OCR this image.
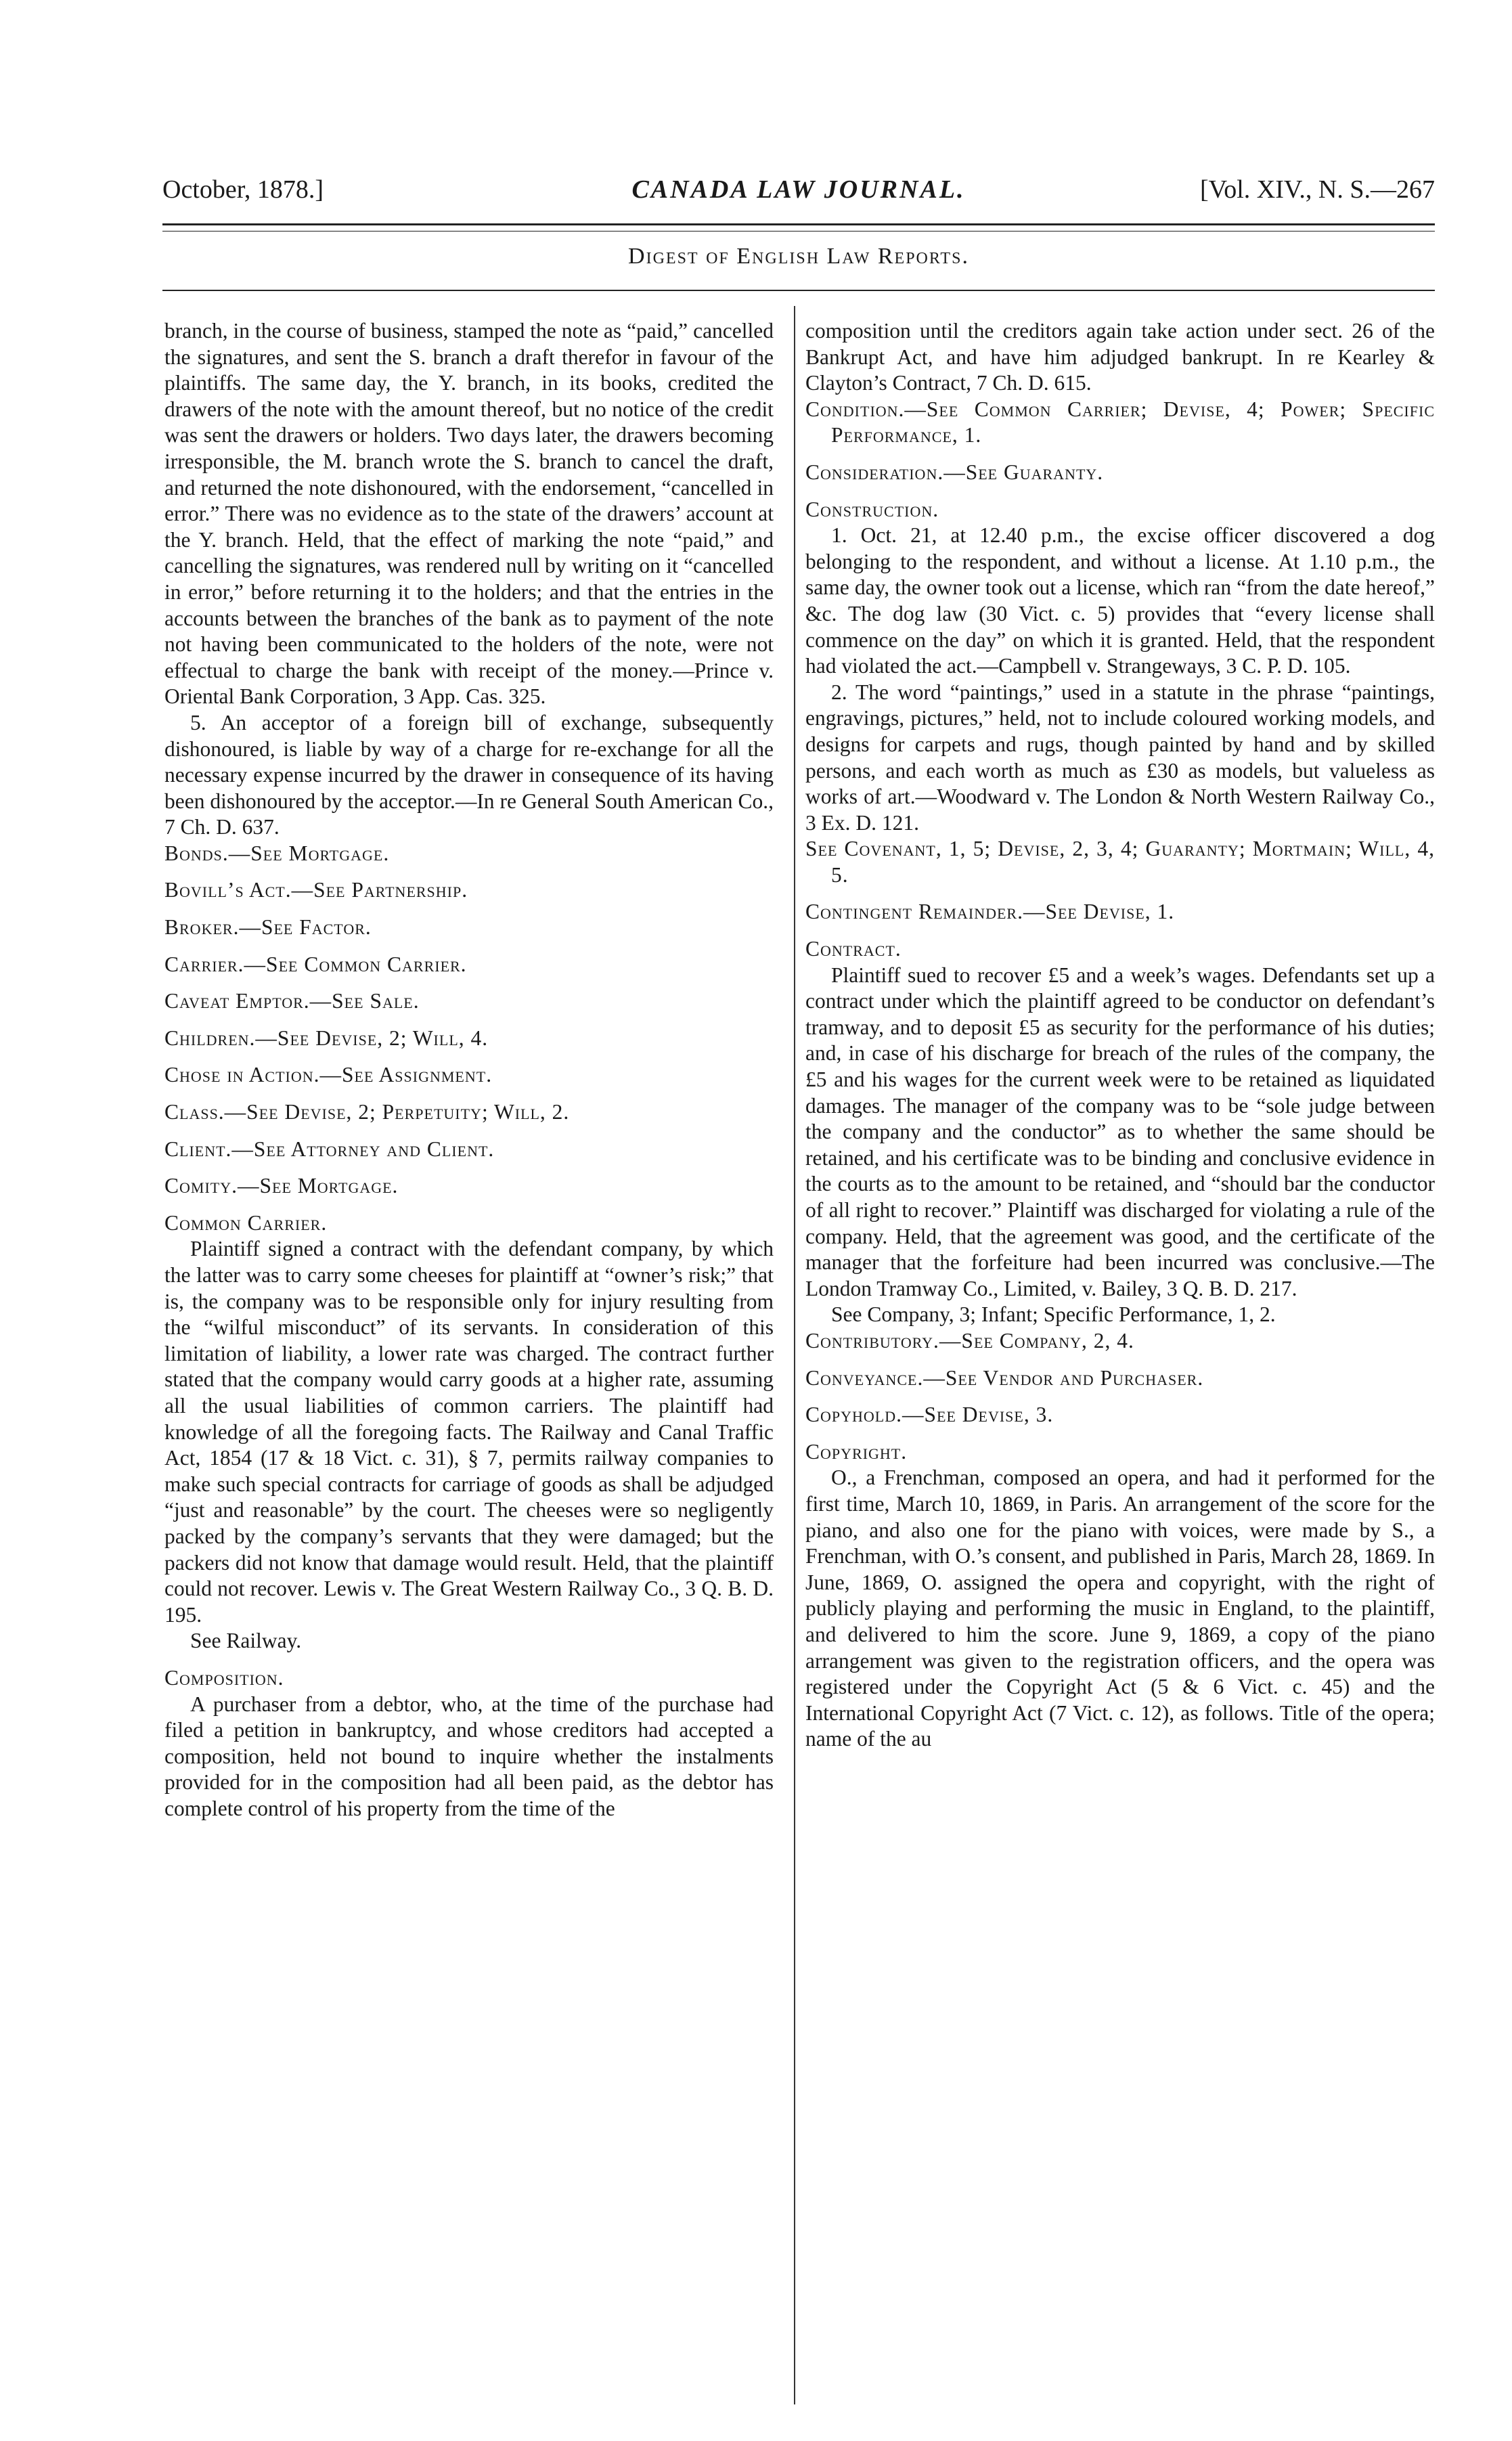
October, 1878.]	CANADA LAW JOURNAL.	[Vol. XIV., N. S.—267
Digest of English Law Reports.

branch, in the course of business, stamped the note as “paid,” cancelled the signatures, and sent the S. branch a draft therefor in favour of the plaintiffs. The same day, the Y. branch, in its books, credited the drawers of the note with the amount thereof, but no notice of the credit was sent the drawers or holders. Two days later, the drawers becoming irresponsible, the M. branch wrote the S. branch to cancel the draft, and returned the note dishonoured, with the endorsement, “cancelled in error.” There was no evidence as to the state of the drawers’ account at the Y. branch. Held, that the effect of marking the note “paid,” and cancelling the signatures, was rendered null by writing on it “cancelled in error,” before returning it to the holders; and that the entries in the accounts between the branches of the bank as to payment of the note not having been communicated to the holders of the note, were not effectual to charge the bank with receipt of the money.—Prince v. Oriental Bank Corporation, 3 App. Cas. 325.

5. An acceptor of a foreign bill of exchange, subsequently dishonoured, is liable by way of a charge for re-exchange for all the necessary expense incurred by the drawer in consequence of its having been dishonoured by the acceptor.—In re General South American Co., 7 Ch. D. 637.

Bonds.—See Mortgage.

Bovill’s Act.—See Partnership.

Broker.—See Factor.

Carrier.—See Common Carrier.

Caveat Emptor.—See Sale.

Children.—See Devise, 2; Will, 4.

Chose in Action.—See Assignment.

Class.—See Devise, 2; Perpetuity; Will, 2.

Client.—See Attorney and Client.

Comity.—See Mortgage.

Common Carrier.

Plaintiff signed a contract with the defendant company, by which the latter was to carry some cheeses for plaintiff at “owner’s risk;” that is, the company was to be responsible only for injury resulting from the “wilful misconduct” of its servants. In consideration of this limitation of liability, a lower rate was charged. The contract further stated that the company would carry goods at a higher rate, assuming all the usual liabilities of common carriers. The plaintiff had knowledge of all the foregoing facts. The Railway and Canal Traffic Act, 1854 (17 & 18 Vict. c. 31), § 7, permits railway companies to make such special contracts for carriage of goods as shall be adjudged “just and reasonable” by the court. The cheeses were so negligently packed by the company’s servants that they were damaged; but the packers did not know that damage would result. Held, that the plaintiff could not recover. Lewis v. The Great Western Railway Co., 3 Q. B. D. 195.

See Railway.

Composition.

A purchaser from a debtor, who, at the time of the purchase had filed a petition in bankruptcy, and whose creditors had accepted a composition, held not bound to inquire whether the instalments provided for in the composition had all been paid, as the debtor has complete control of his property from the time of the

composition until the creditors again take action under sect. 26 of the Bankrupt Act, and have him adjudged bankrupt. In re Kearley & Clayton’s Contract, 7 Ch. D. 615.

Condition.—See Common Carrier; Devise, 4; Power; Specific Performance, 1.

Consideration.—See Guaranty.

Construction.

1. Oct. 21, at 12.40 p.m., the excise officer discovered a dog belonging to the respondent, and without a license. At 1.10 p.m., the same day, the owner took out a license, which ran “from the date hereof,” &c. The dog law (30 Vict. c. 5) provides that “every license shall commence on the day” on which it is granted. Held, that the respondent had violated the act.—Campbell v. Strangeways, 3 C. P. D. 105.

2. The word “paintings,” used in a statute in the phrase “paintings, engravings, pictures,” held, not to include coloured working models, and designs for carpets and rugs, though painted by hand and by skilled persons, and each worth as much as £30 as models, but valueless as works of art.—Woodward v. The London & North Western Railway Co., 3 Ex. D. 121.

See Covenant, 1, 5; Devise, 2, 3, 4; Guaranty; Mortmain; Will, 4, 5.

Contingent Remainder.—See Devise, 1.

Contract.

Plaintiff sued to recover £5 and a week’s wages. Defendants set up a contract under which the plaintiff agreed to be conductor on defendant’s tramway, and to deposit £5 as security for the performance of his duties; and, in case of his discharge for breach of the rules of the company, the £5 and his wages for the current week were to be retained as liquidated damages. The manager of the company was to be “sole judge between the company and the conductor” as to whether the same should be retained, and his certificate was to be binding and conclusive evidence in the courts as to the amount to be retained, and “should bar the conductor of all right to recover.” Plaintiff was discharged for violating a rule of the company. Held, that the agreement was good, and the certificate of the manager that the forfeiture had been incurred was conclusive.—The London Tramway Co., Limited, v. Bailey, 3 Q. B. D. 217.

See Company, 3; Infant; Specific Performance, 1, 2.

Contributory.—See Company, 2, 4.

Conveyance.—See Vendor and Purchaser.

Copyhold.—See Devise, 3.

Copyright.

O., a Frenchman, composed an opera, and had it performed for the first time, March 10, 1869, in Paris. An arrangement of the score for the piano, and also one for the piano with voices, were made by S., a Frenchman, with O.’s consent, and published in Paris, March 28, 1869. In June, 1869, O. assigned the opera and copyright, with the right of publicly playing and performing the music in England, to the plaintiff, and delivered to him the score. June 9, 1869, a copy of the piano arrangement was given to the registration officers, and the opera was registered under the Copyright Act (5 & 6 Vict. c. 45) and the International Copyright Act (7 Vict. c. 12), as follows. Title of the opera; name of the au
